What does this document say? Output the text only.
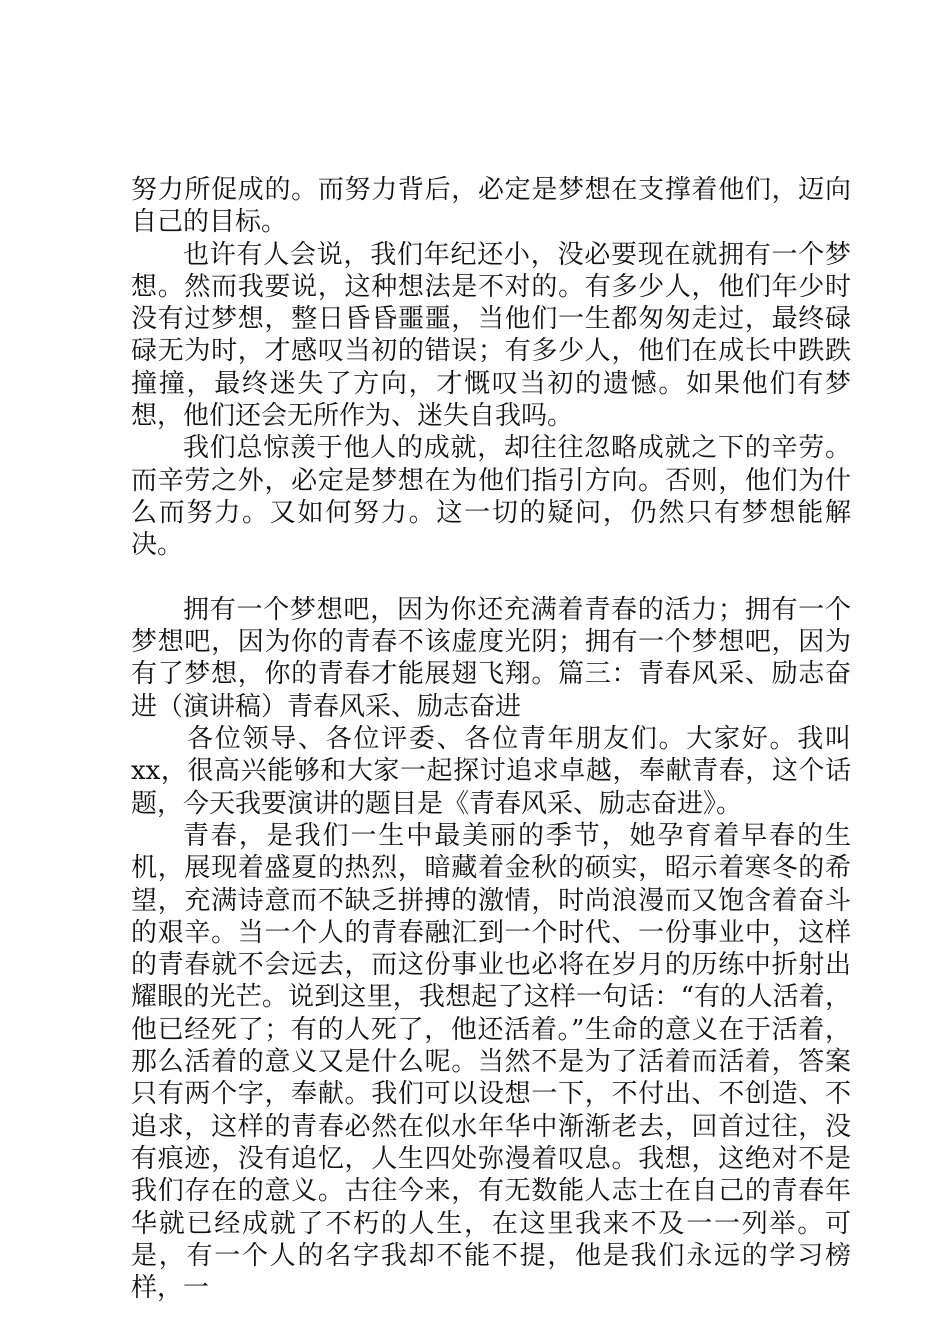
努力所促成的。而努力背后，必定是梦想在支撑着他们，迈向自己的目标。

也许有人会说，我们年纪还小，没必要现在就拥有一个梦想。然而我要说，这种想法是不对的。有多少人，他们年少时没有过梦想，整日昏昏噩噩，当他们一生都匆匆走过，最终碌碌无为时，才感叹当初的错误；有多少人，他们在成长中跌跌撞撞，最终迷失了方向，才慨叹当初的遗憾。如果他们有梦想，他们还会无所作为、迷失自我吗。

我们总惊羡于他人的成就，却往往忽略成就之下的辛劳。而辛劳之外，必定是梦想在为他们指引方向。否则，他们为什么而努力。又如何努力。这一切的疑问，仍然只有梦想能解决。

拥有一个梦想吧，因为你还充满着青春的活力；拥有一个梦想吧，因为你的青春不该虚度光阴；拥有一个梦想吧，因为有了梦想，你的青春才能展翅飞翔。篇三：青春风采、励志奋进（演讲稿）青春风采、励志奋进

各位领导、各位评委、各位青年朋友们。大家好。我叫xx，很高兴能够和大家一起探讨追求卓越，奉献青春，这个话题，今天我要演讲的题目是《青春风采、励志奋进》。

青春，是我们一生中最美丽的季节，她孕育着早春的生机，展现着盛夏的热烈，暗藏着金秋的硕实，昭示着寒冬的希望，充满诗意而不缺乏拼搏的激情，时尚浪漫而又饱含着奋斗的艰辛。当一个人的青春融汇到一个时代、一份事业中，这样的青春就不会远去，而这份事业也必将在岁月的历练中折射出耀眼的光芒。说到这里，我想起了这样一句话：“有的人活着，他已经死了；有的人死了，他还活着。”生命的意义在于活着，那么活着的意义又是什么呢。当然不是为了活着而活着，答案只有两个字，奉献。我们可以设想一下，不付出、不创造、不追求，这样的青春必然在似水年华中渐渐老去，回首过往，没有痕迹，没有追忆，人生四处弥漫着叹息。我想，这绝对不是我们存在的意义。古往今来，有无数能人志士在自己的青春年华就已经成就了不朽的人生，在这里我来不及一一列举。可是，有一个人的名字我却不能不提，他是我们永远的学习榜样，一
